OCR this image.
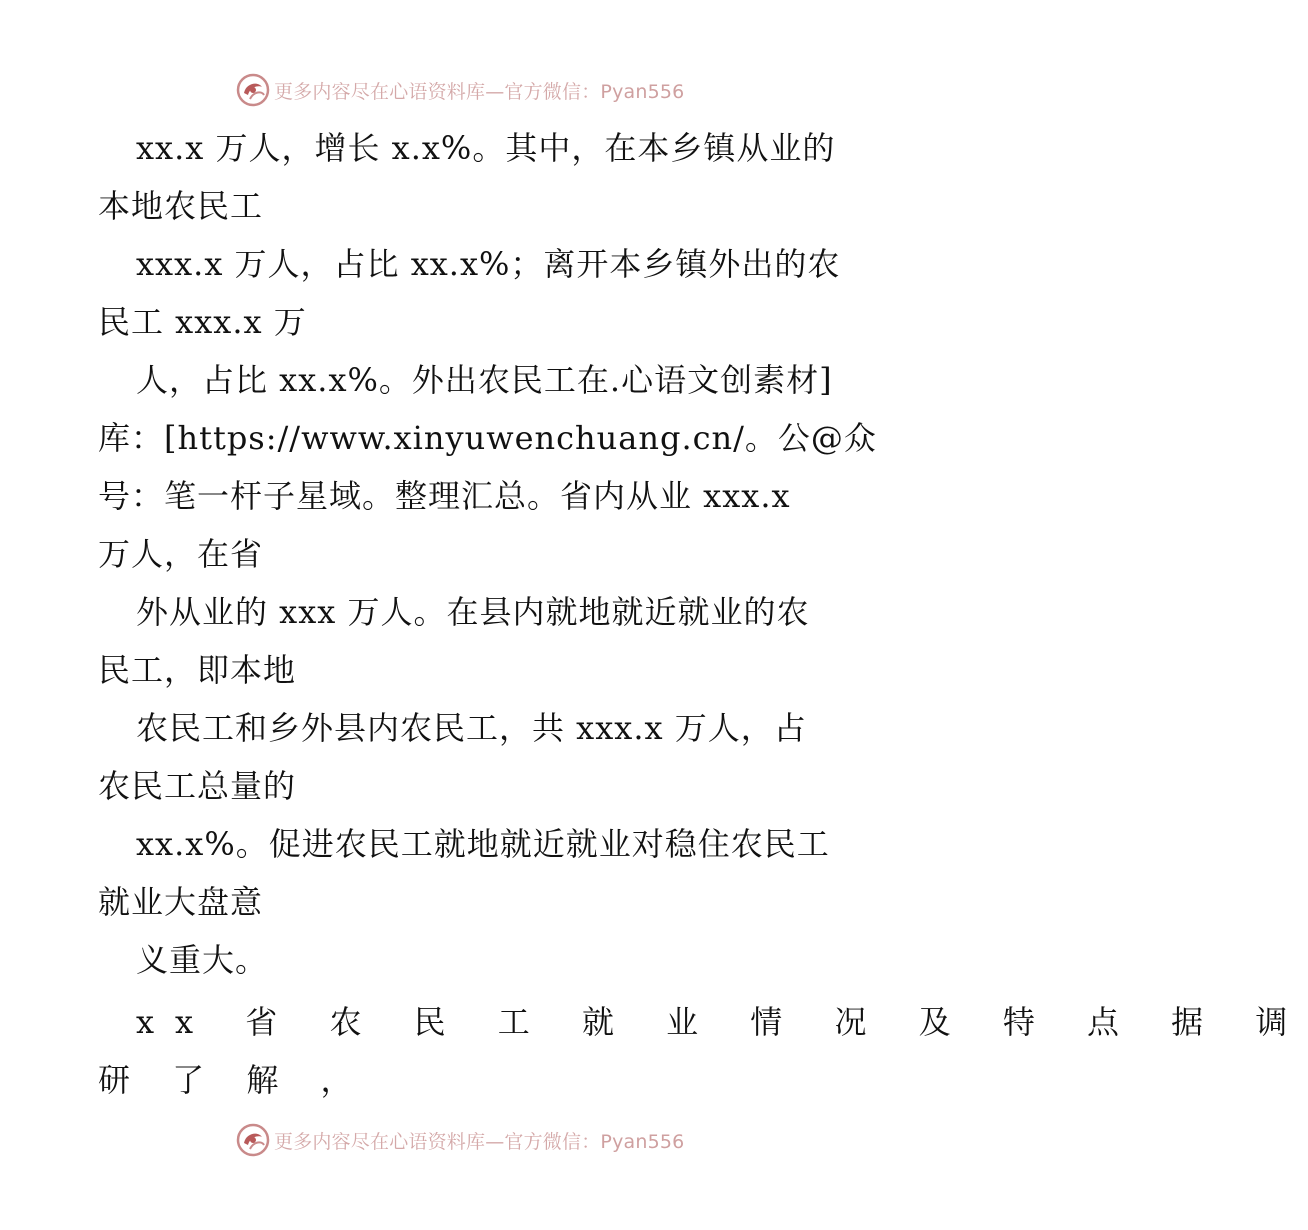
更多内容尽在心语资料库—官方微信：Pyan556
xx.x 万人，增长 x.x%。其中，在本乡镇从业的
本地农民工
xxx.x 万人，占比 xx.x%；离开本乡镇外出的农
民工 xxx.x 万
人，占比 xx.x%。外出农民工在.心语文创素材]
库：[https://www.xinyuwenchuang.cn/。公@众
号：笔一杆子星域。整理汇总。省内从业 xxx.x
万人，在省
外从业的 xxx 万人。在县内就地就近就业的农
民工，即本地
农民工和乡外县内农民工，共 xxx.x 万人，占
农民工总量的
xx.x%。促进农民工就地就近就业对稳住农民工
就业大盘意
义重大。
xx 省 农 民 工 就 业 情 况 及 特 点 据 调
研 了 解 ，
更多内容尽在心语资料库—官方微信：Pyan556
